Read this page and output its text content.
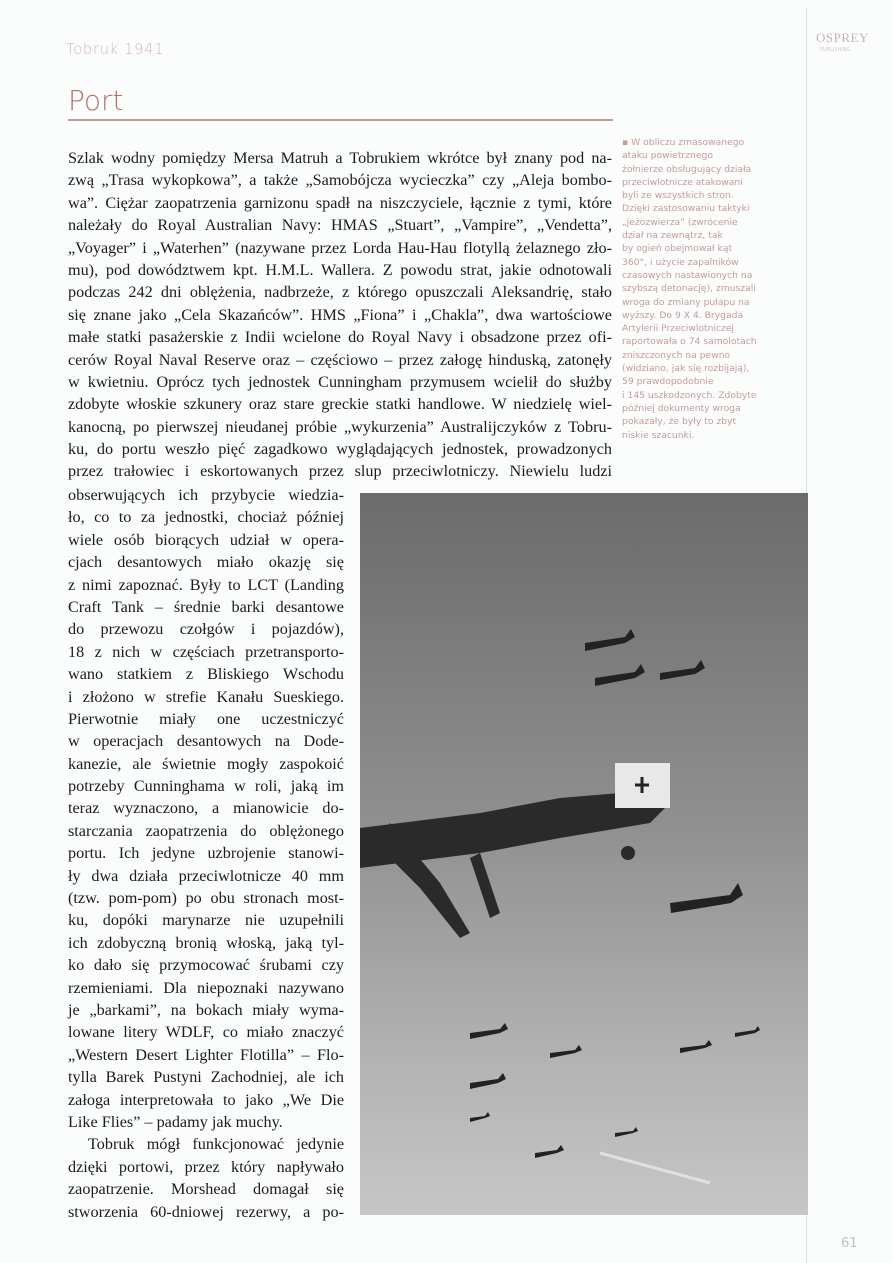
Tobruk 1941
OSPREY
PUBLISHING
Port
Szlak wodny pomiędzy Mersa Matruh a Tobrukiem wkrótce był znany pod na-
zwą „Trasa wykopkowa”, a także „Samobójcza wycieczka” czy „Aleja bombo-
wa”. Ciężar zaopatrzenia garnizonu spadł na niszczyciele, łącznie z tymi, które
należały do Royal Australian Navy: HMAS „Stuart”, „Vampire”, „Vendetta”,
„Voyager” i „Waterhen” (nazywane przez Lorda Hau-Hau flotyllą żelaznego zło-
mu), pod dowództwem kpt. H.M.L. Wallera. Z powodu strat, jakie odnotowali
podczas 242 dni oblężenia, nadbrzeże, z którego opuszczali Aleksandrię, stało
się znane jako „Cela Skazańców”. HMS „Fiona” i „Chakla”, dwa wartościowe
małe statki pasażerskie z Indii wcielone do Royal Navy i obsadzone przez ofi-
cerów Royal Naval Reserve oraz – częściowo – przez załogę hinduską, zatonęły
w kwietniu. Oprócz tych jednostek Cunningham przymusem wcielił do służby
zdobyte włoskie szkunery oraz stare greckie statki handlowe. W niedzielę wiel-
kanocną, po pierwszej nieudanej próbie „wykurzenia” Australijczyków z Tobru-
ku, do portu weszło pięć zagadkowo wyglądających jednostek, prowadzonych
przez trałowiec i eskortowanych przez slup przeciwlotniczy. Niewielu ludzi
obserwujących ich przybycie wiedzia-
ło, co to za jednostki, chociaż później
wiele osób biorących udział w opera-
cjach desantowych miało okazję się
z nimi zapoznać. Były to LCT (Landing
Craft Tank – średnie barki desantowe
do przewozu czołgów i pojazdów),
18 z nich w częściach przetransporto-
wano statkiem z Bliskiego Wschodu
i złożono w strefie Kanału Sueskiego.
Pierwotnie miały one uczestniczyć
w operacjach desantowych na Dode-
kanezie, ale świetnie mogły zaspokoić
potrzeby Cunninghama w roli, jaką im
teraz wyznaczono, a mianowicie do-
starczania zaopatrzenia do oblężonego
portu. Ich jedyne uzbrojenie stanowi-
ły dwa działa przeciwlotnicze 40 mm
(tzw. pom-pom) po obu stronach most-
ku, dopóki marynarze nie uzupełnili
ich zdobyczną bronią włoską, jaką tyl-
ko dało się przymocować śrubami czy
rzemieniami. Dla niepoznaki nazywano
je „barkami”, na bokach miały wyma-
lowane litery WDLF, co miało znaczyć
„Western Desert Lighter Flotilla” – Flo-
tylla Barek Pustyni Zachodniej, ale ich
załoga interpretowała to jako „We Die
Like Flies” – padamy jak muchy.
Tobruk mógł funkcjonować jedynie
dzięki portowi, przez który napływało
zaopatrzenie. Morshead domagał się
stworzenia 60-dniowej rezerwy, a po-
▪ W obliczu zmasowanego
ataku powietrznego
żołnierze obsługujący działa
przeciwlotnicze atakowani
byli ze wszystkich stron.
Dzięki zastosowaniu taktyki
„jeżozwierza” (zwrócenie
dział na zewnątrz, tak
by ogień obejmował kąt
360°, i użycie zapalników
czasowych nastawionych na
szybszą detonację), zmuszali
wroga do zmiany pułapu na
wyższy. Do 9 X 4. Brygada
Artylerii Przeciwlotniczej
raportowała o 74 samolotach
zniszczonych na pewno
(widziano, jak się rozbijają),
59 prawdopodobnie
i 145 uszkodzonych. Zdobyte
później dokumenty wroga
pokazały, że były to zbyt
niskie szacunki.
61
